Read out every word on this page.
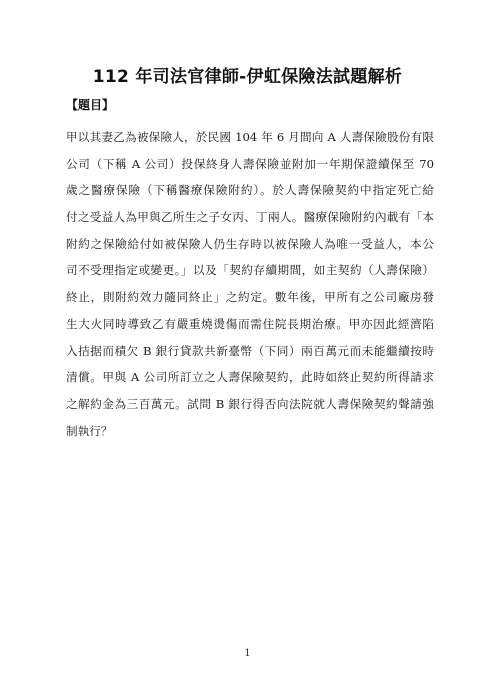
112 年司法官律師-伊虹保險法試題解析
【題目】
甲以其妻乙為被保險人，於民國 104 年 6 月間向 A 人壽保險股份有限
公司（下稱 A 公司）投保終身人壽保險並附加一年期保證續保至 70
歲之醫療保險（下稱醫療保險附約）。於人壽保險契約中指定死亡給
付之受益人為甲與乙所生之子女丙、丁兩人。醫療保險附約內載有「本
附約之保險給付如被保險人仍生存時以被保險人為唯一受益人，本公
司不受理指定或變更。」以及「契約存續期間，如主契約（人壽保險）
終止，則附約效力隨同終止」之約定。數年後，甲所有之公司廠房發
生大火同時導致乙有嚴重燒燙傷而需住院長期治療。甲亦因此經濟陷
入拮据而積欠 B 銀行貸款共新臺幣（下同）兩百萬元而未能繼續按時
清償。甲與 A 公司所訂立之人壽保險契約，此時如終止契約所得請求
之解約金為三百萬元。試問 B 銀行得否向法院就人壽保險契約聲請強
制執行？
1
